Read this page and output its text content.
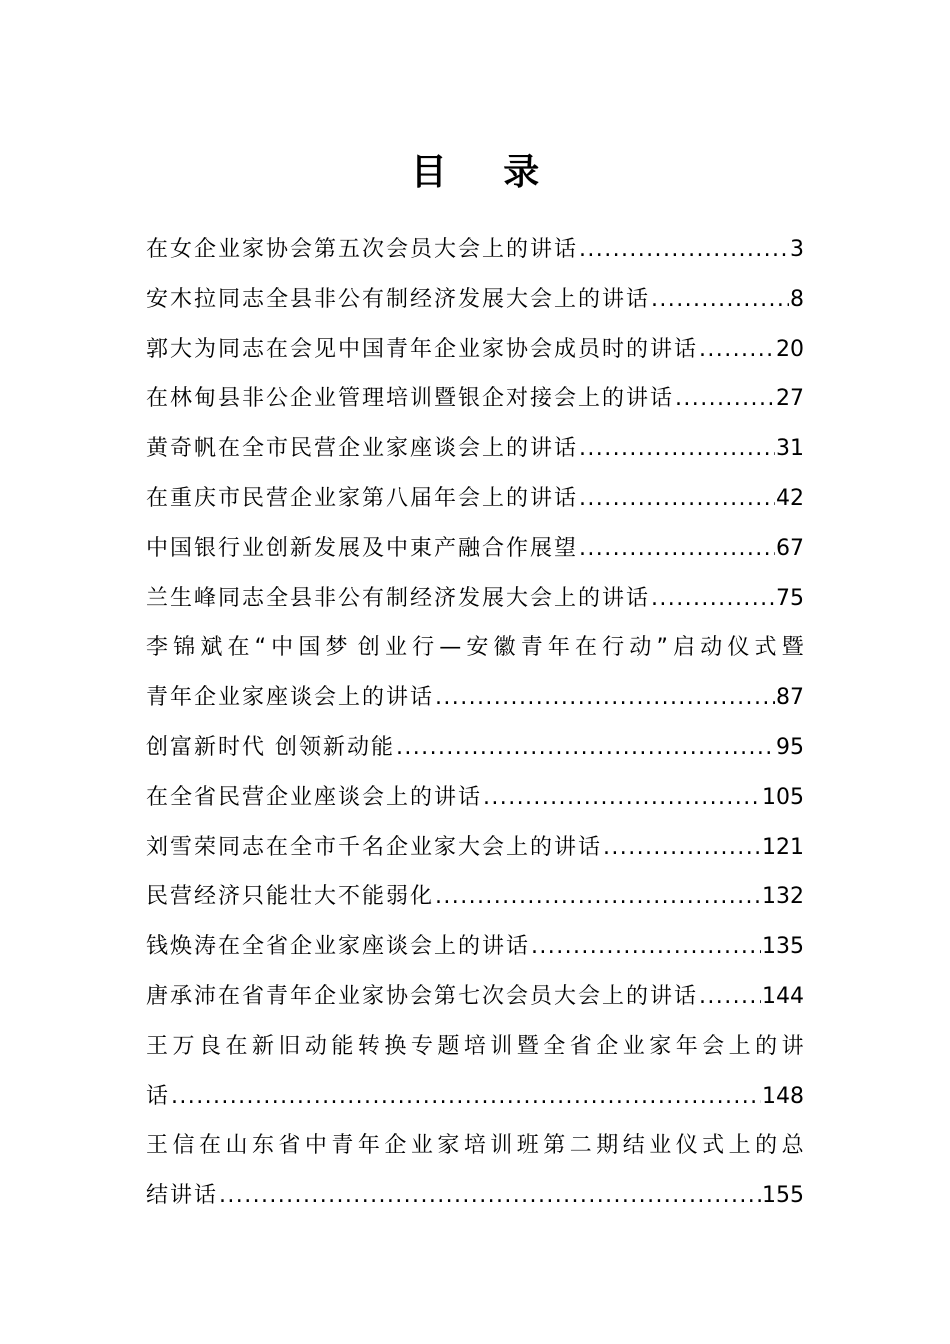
目 录
在女企业家协会第五次会员大会上的讲话 .....	3
安木拉同志全县非公有制经济发展大会上的讲话 .....	8
郭大为同志在会见中国青年企业家协会成员时的讲话 .....	20
在林甸县非公企业管理培训暨银企对接会上的讲话 .....	27
黄奇帆在全市民营企业家座谈会上的讲话 .....	31
在重庆市民营企业家第八届年会上的讲话 .....	42
中国银行业创新发展及中東产融合作展望 .....	67
兰生峰同志全县非公有制经济发展大会上的讲话 .....	75
李 锦 斌 在 “ 中 国 梦 创 业 行 — 安 徽 青 年 在 行 动 ” 启 动 仪 式 暨
青年企业家座谈会上的讲话 .....	87
创富新时代 创领新动能 .....	95
在全省民营企业座谈会上的讲话 .....	105
刘雪荣同志在全市千名企业家大会上的讲话 .....	121
民营经济只能壮大不能弱化 .....	132
钱焕涛在全省企业家座谈会上的讲话 .....	135
唐承沛在省青年企业家协会第七次会员大会上的讲话 .....	144
王 万 良 在 新 旧 动 能 转 换 专 题 培 训 暨 全 省 企 业 家 年 会 上 的 讲
话 .....	148
王 信 在 山 东 省 中 青 年 企 业 家 培 训 班 第 二 期 结 业 仪 式 上 的 总
结讲话 .....	155
